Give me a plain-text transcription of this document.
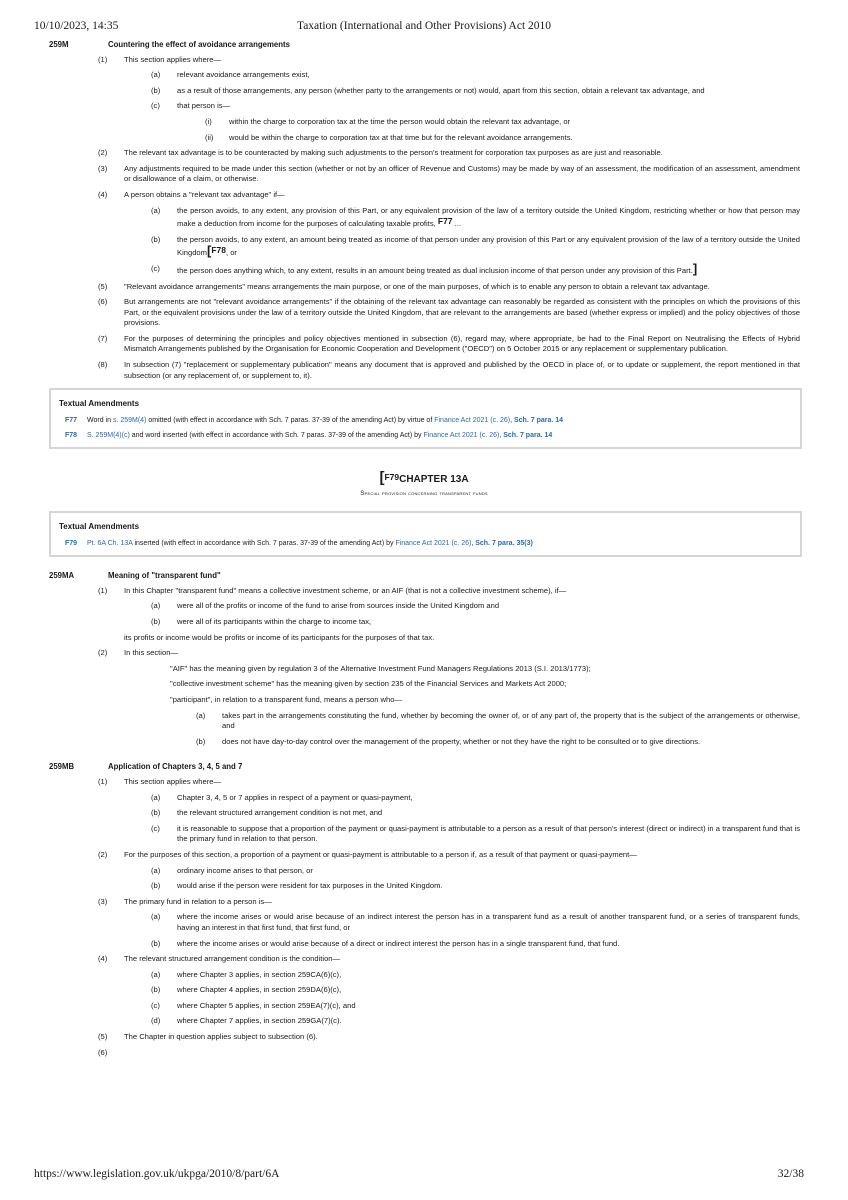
10/10/2023, 14:35	Taxation (International and Other Provisions) Act 2010
259M	Countering the effect of avoidance arrangements
(1) This section applies where—
(a) relevant avoidance arrangements exist,
(b) as a result of those arrangements, any person (whether party to the arrangements or not) would, apart from this section, obtain a relevant tax advantage, and
(c) that person is—
(i) within the charge to corporation tax at the time the person would obtain the relevant tax advantage, or
(ii) would be within the charge to corporation tax at that time but for the relevant avoidance arrangements.
(2) The relevant tax advantage is to be counteracted by making such adjustments to the person's treatment for corporation tax purposes as are just and reasonable.
(3) Any adjustments required to be made under this section (whether or not by an officer of Revenue and Customs) may be made by way of an assessment, the modification of an assessment, amendment or disallowance of a claim, or otherwise.
(4) A person obtains a "relevant tax advantage" if—
(a) the person avoids, to any extent, any provision of this Part, or any equivalent provision of the law of a territory outside the United Kingdom, restricting whether or how that person may make a deduction from income for the purposes of calculating taxable profits, F77 ...
(b) the person avoids, to any extent, an amount being treated as income of that person under any provision of this Part or any equivalent provision of the law of a territory outside the United Kingdom[F78, or
(c) the person does anything which, to any extent, results in an amount being treated as dual inclusion income of that person under any provision of this Part.]
(5) "Relevant avoidance arrangements" means arrangements the main purpose, or one of the main purposes, of which is to enable any person to obtain a relevant tax advantage.
(6) But arrangements are not "relevant avoidance arrangements" if the obtaining of the relevant tax advantage can reasonably be regarded as consistent with the principles on which the provisions of this Part, or the equivalent provisions under the law of a territory outside the United Kingdom, that are relevant to the arrangements are based (whether express or implied) and the policy objectives of those provisions.
(7) For the purposes of determining the principles and policy objectives mentioned in subsection (6), regard may, where appropriate, be had to the Final Report on Neutralising the Effects of Hybrid Mismatch Arrangements published by the Organisation for Economic Cooperation and Development ("OECD") on 5 October 2015 or any replacement or supplementary publication.
(8) In subsection (7) "replacement or supplementary publication" means any document that is approved and published by the OECD in place of, or to update or supplement, the report mentioned in that subsection (or any replacement of, or supplement to, it).
Textual Amendments
F77 Word in s. 259M(4) omitted (with effect in accordance with Sch. 7 paras. 37-39 of the amending Act) by virtue of Finance Act 2021 (c. 26), Sch. 7 para. 14
F78 S. 259M(4)(c) and word inserted (with effect in accordance with Sch. 7 paras. 37-39 of the amending Act) by Finance Act 2021 (c. 26), Sch. 7 para. 14
[$^{F79}$CHAPTER 13A
Special provision concerning transparent funds
Textual Amendments
F79 Pt. 6A Ch. 13A inserted (with effect in accordance with Sch. 7 paras. 37-39 of the amending Act) by Finance Act 2021 (c. 26), Sch. 7 para. 35(3)
259MA	Meaning of "transparent fund"
(1) In this Chapter "transparent fund" means a collective investment scheme, or an AIF (that is not a collective investment scheme), if—
(a) were all of the profits or income of the fund to arise from sources inside the United Kingdom and
(b) were all of its participants within the charge to income tax,
its profits or income would be profits or income of its participants for the purposes of that tax.
(2) In this section—
"AIF" has the meaning given by regulation 3 of the Alternative Investment Fund Managers Regulations 2013 (S.I. 2013/1773);
"collective investment scheme" has the meaning given by section 235 of the Financial Services and Markets Act 2000;
"participant", in relation to a transparent fund, means a person who—
(a) takes part in the arrangements constituting the fund, whether by becoming the owner of, or of any part of, the property that is the subject of the arrangements or otherwise, and
(b) does not have day-to-day control over the management of the property, whether or not they have the right to be consulted or to give directions.
259MB	Application of Chapters 3, 4, 5 and 7
(1) This section applies where—
(a) Chapter 3, 4, 5 or 7 applies in respect of a payment or quasi-payment,
(b) the relevant structured arrangement condition is not met, and
(c) it is reasonable to suppose that a proportion of the payment or quasi-payment is attributable to a person as a result of that person's interest (direct or indirect) in a transparent fund that is the primary fund in relation to that person.
(2) For the purposes of this section, a proportion of a payment or quasi-payment is attributable to a person if, as a result of that payment or quasi-payment—
(a) ordinary income arises to that person, or
(b) would arise if the person were resident for tax purposes in the United Kingdom.
(3) The primary fund in relation to a person is—
(a) where the income arises or would arise because of an indirect interest the person has in a transparent fund as a result of another transparent fund, or a series of transparent funds, having an interest in that first fund, that first fund, or
(b) where the income arises or would arise because of a direct or indirect interest the person has in a single transparent fund, that fund.
(4) The relevant structured arrangement condition is the condition—
(a) where Chapter 3 applies, in section 259CA(6)(c),
(b) where Chapter 4 applies, in section 259DA(6)(c),
(c) where Chapter 5 applies, in section 259EA(7)(c), and
(d) where Chapter 7 applies, in section 259GA(7)(c).
(5) The Chapter in question applies subject to subsection (6).
(6)

https://www.legislation.gov.uk/ukpga/2010/8/part/6A	32/38
